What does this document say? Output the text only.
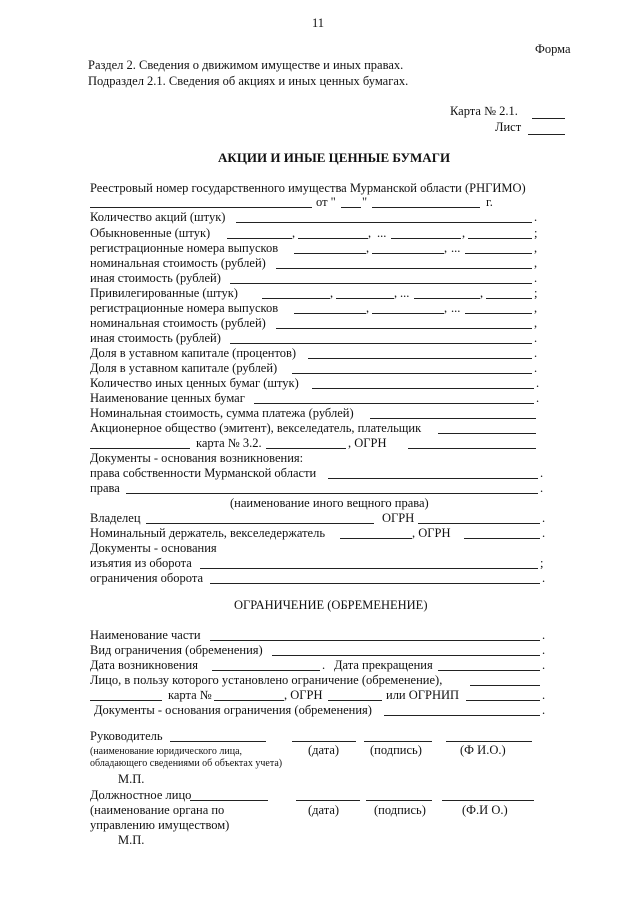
11
Форма
Раздел 2. Сведения о движимом имуществе и иных правах.
Подраздел 2.1. Сведения об акциях и иных ценных бумагах.
Карта № 2.1.
Лист
АКЦИИ И ИНЫЕ ЦЕННЫЕ БУМАГИ
Реестровый номер государственного имущества Мурманской области (РНГИМО)
от " "	г.
Количество акций (штук)	.
Обыкновенные (штук)	,	, ...	,	;
регистрационные номера выпусков	,	, ...	,
номинальная стоимость (рублей)	,
иная стоимость (рублей)	.
Привилегированные (штук)	,	, ...	,	;
регистрационные номера выпусков	,	, ...	,
номинальная стоимость (рублей)	,
иная стоимость (рублей)	.
Доля в уставном капитале (процентов)	.
Доля в уставном капитале (рублей)	.
Количество иных ценных бумаг (штук)	.
Наименование ценных бумаг	.
Номинальная стоимость, сумма платежа (рублей)
Акционерное общество (эмитент), векселедатель, плательщик
карта № 3.2.	, ОГРН
Документы - основания возникновения:
права собственности Мурманской области	.
права	.
(наименование иного вещного права)
Владелец	ОГРН	.
Номинальный держатель, векселедержатель	, ОГРН	.
Документы - основания
изъятия из оборота	;
ограничения оборота	.
ОГРАНИЧЕНИЕ (ОБРЕМЕНЕНИЕ)
Наименование части	.
Вид ограничения (обременения)	.
Дата возникновения	. Дата прекращения	.
Лицо, в пользу которого установлено ограничение (обременение),
карта №	, ОГРН	или ОГРНИП	.
Документы - основания ограничения (обременения)	.
Руководитель
(наименование юридического лица,	(дата) (подпись)	(Ф И.О.)
обладающего сведениями об объектах учета)
М.П.
Должностное лицо
(наименование органа по	(дата)	(подпись)	(Ф.И О.)
управлению имуществом)
М.П.
